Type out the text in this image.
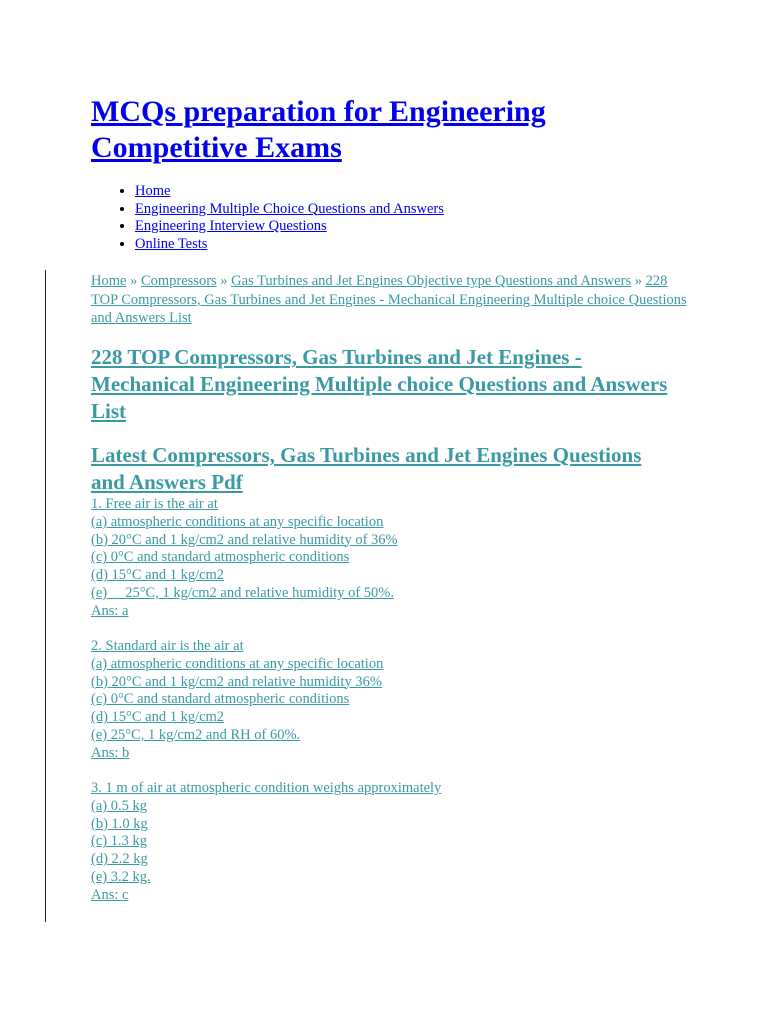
MCQs preparation for Engineering Competitive Exams
• Home
• Engineering Multiple Choice Questions and Answers
• Engineering Interview Questions
• Online Tests

Home » Compressors » Gas Turbines and Jet Engines Objective type Questions and Answers » 228 TOP Compressors, Gas Turbines and Jet Engines - Mechanical Engineering Multiple choice Questions and Answers List

228 TOP Compressors, Gas Turbines and Jet Engines - Mechanical Engineering Multiple choice Questions and Answers List
Latest Compressors, Gas Turbines and Jet Engines Questions and Answers Pdf
1. Free air is the air at
(a) atmospheric conditions at any specific location
(b) 20°C and 1 kg/cm2 and relative humidity of 36%
(c) 0°C and standard atmospheric conditions
(d) 15°C and 1 kg/cm2
(e)     25°C, 1 kg/cm2 and relative humidity of 50%.
Ans: a
2. Standard air is the air at
(a) atmospheric conditions at any specific location
(b) 20°C and 1 kg/cm2 and relative humidity 36%
(c) 0°C and standard atmospheric conditions
(d) 15°C and 1 kg/cm2
(e) 25°C, 1 kg/cm2 and RH of 60%.
Ans: b
3. 1 m of air at atmospheric condition weighs approximately
(a) 0.5 kg
(b) 1.0 kg
(c) 1.3 kg
(d) 2.2 kg
(e) 3.2 kg.
Ans: c
